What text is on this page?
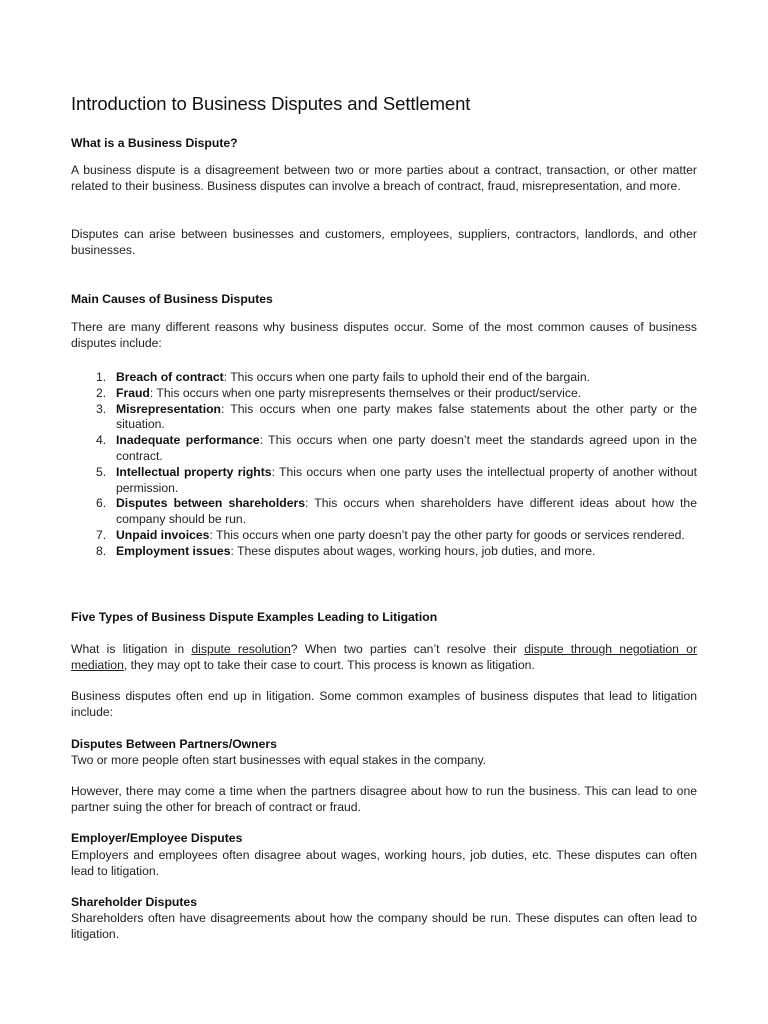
Introduction to Business Disputes and Settlement
What is a Business Dispute?

A business dispute is a disagreement between two or more parties about a contract, transaction, or other matter related to their business. Business disputes can involve a breach of contract, fraud, misrepresentation, and more.

Disputes can arise between businesses and customers, employees, suppliers, contractors, landlords, and other businesses.

Main Causes of Business Disputes

There are many different reasons why business disputes occur. Some of the most common causes of business disputes include:

1. Breach of contract: This occurs when one party fails to uphold their end of the bargain.
2. Fraud: This occurs when one party misrepresents themselves or their product/service.
3. Misrepresentation: This occurs when one party makes false statements about the other party or the situation.
4. Inadequate performance: This occurs when one party doesn’t meet the standards agreed upon in the contract.
5. Intellectual property rights: This occurs when one party uses the intellectual property of another without permission.
6. Disputes between shareholders: This occurs when shareholders have different ideas about how the company should be run.
7. Unpaid invoices: This occurs when one party doesn’t pay the other party for goods or services rendered.
8. Employment issues: These disputes about wages, working hours, job duties, and more.
Five Types of Business Dispute Examples Leading to Litigation

What is litigation in dispute resolution? When two parties can’t resolve their dispute through negotiation or mediation, they may opt to take their case to court. This process is known as litigation.

Business disputes often end up in litigation. Some common examples of business disputes that lead to litigation include:

Disputes Between Partners/Owners

Two or more people often start businesses with equal stakes in the company.

However, there may come a time when the partners disagree about how to run the business. This can lead to one partner suing the other for breach of contract or fraud.

Employer/Employee Disputes

Employers and employees often disagree about wages, working hours, job duties, etc. These disputes can often lead to litigation.

Shareholder Disputes

Shareholders often have disagreements about how the company should be run. These disputes can often lead to litigation.
